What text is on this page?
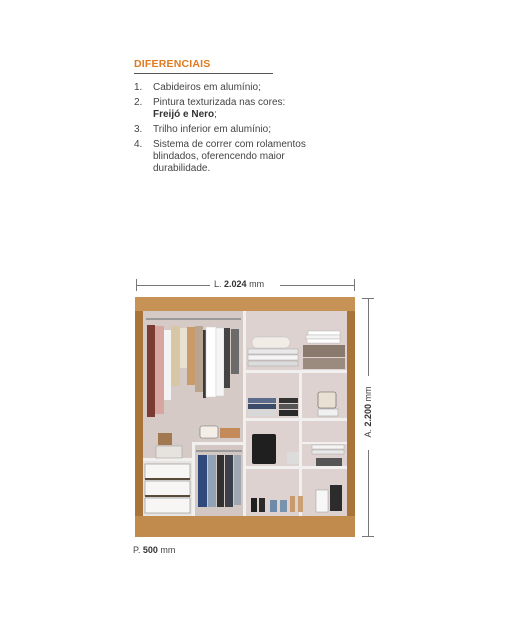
DIFERENCIAIS
1.	Cabideiros em alumínio;
2.	Pintura texturizada nas cores:
Freijó e Nero;
3.	Trilho inferior em alumínio;
4.	Sistema de correr com rolamentos blindados, oferencendo maior durabilidade.
L. 2.024 mm
A. 2.200 mm
P. 500 mm
